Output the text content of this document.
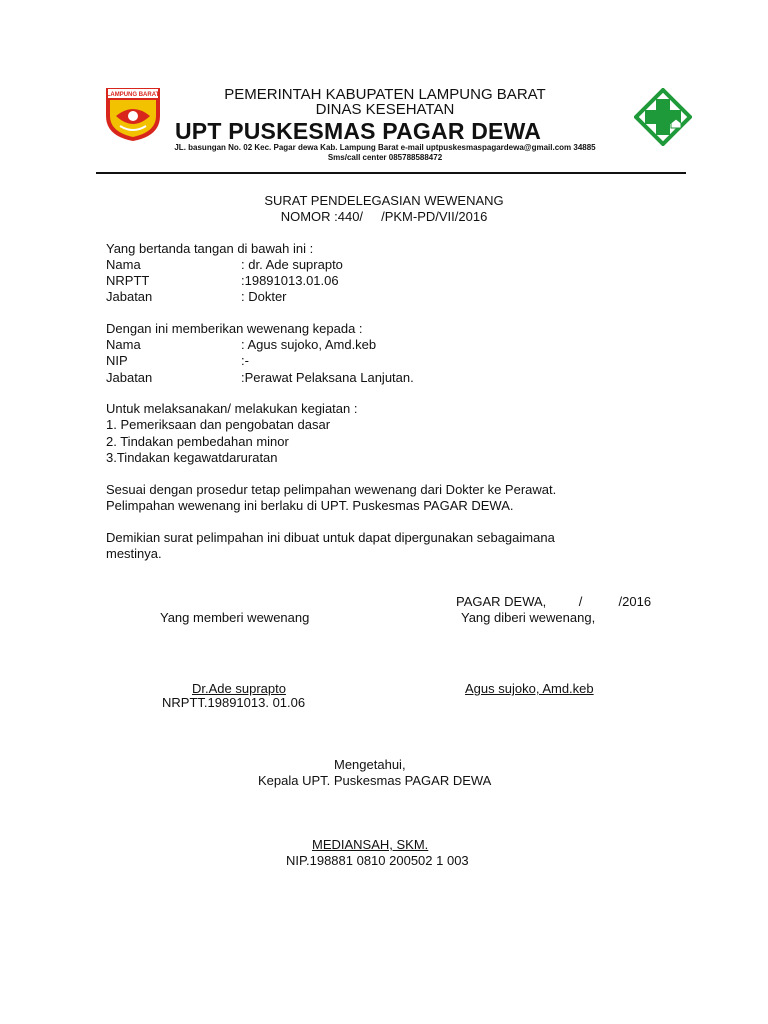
LAMPUNG BARAT	PEMERINTAH KABUPATEN LAMPUNG BARAT
DINAS KESEHATAN
UPT PUSKESMAS PAGAR DEWA
JL. basungan No. 02 Kec. Pagar dewa Kab. Lampung Barat e-mail uptpuskesmaspagardewa@gmail.com 34885
Sms/call center 085788588472
SURAT PENDELEGASIAN WEWENANG
NOMOR :440/     /PKM-PD/VII/2016
Yang bertanda tangan di bawah ini :
Nama	: dr. Ade suprapto
NRPTT	:19891013.01.06
Jabatan	: Dokter
Dengan ini memberikan wewenang kepada :
Nama	: Agus sujoko, Amd.keb
NIP	:-
Jabatan	:Perawat Pelaksana Lanjutan.
Untuk melaksanakan/ melakukan kegiatan :
1. Pemeriksaan dan pengobatan dasar
2. Tindakan pembedahan minor
3.Tindakan kegawatdaruratan
Sesuai dengan prosedur tetap pelimpahan wewenang dari Dokter ke Perawat.
Pelimpahan wewenang ini berlaku di UPT. Puskesmas PAGAR DEWA.
Demikian surat pelimpahan ini dibuat untuk dapat dipergunakan sebagaimana
mestinya.
PAGAR DEWA,         /          /2016
Yang memberi wewenang	Yang diberi wewenang,
Dr.Ade suprapto
NRPTT.19891013. 01.06
Agus sujoko, Amd.keb
Mengetahui,
Kepala UPT. Puskesmas PAGAR DEWA
MEDIANSAH, SKM.
NIP.198881 0810 200502 1 003
